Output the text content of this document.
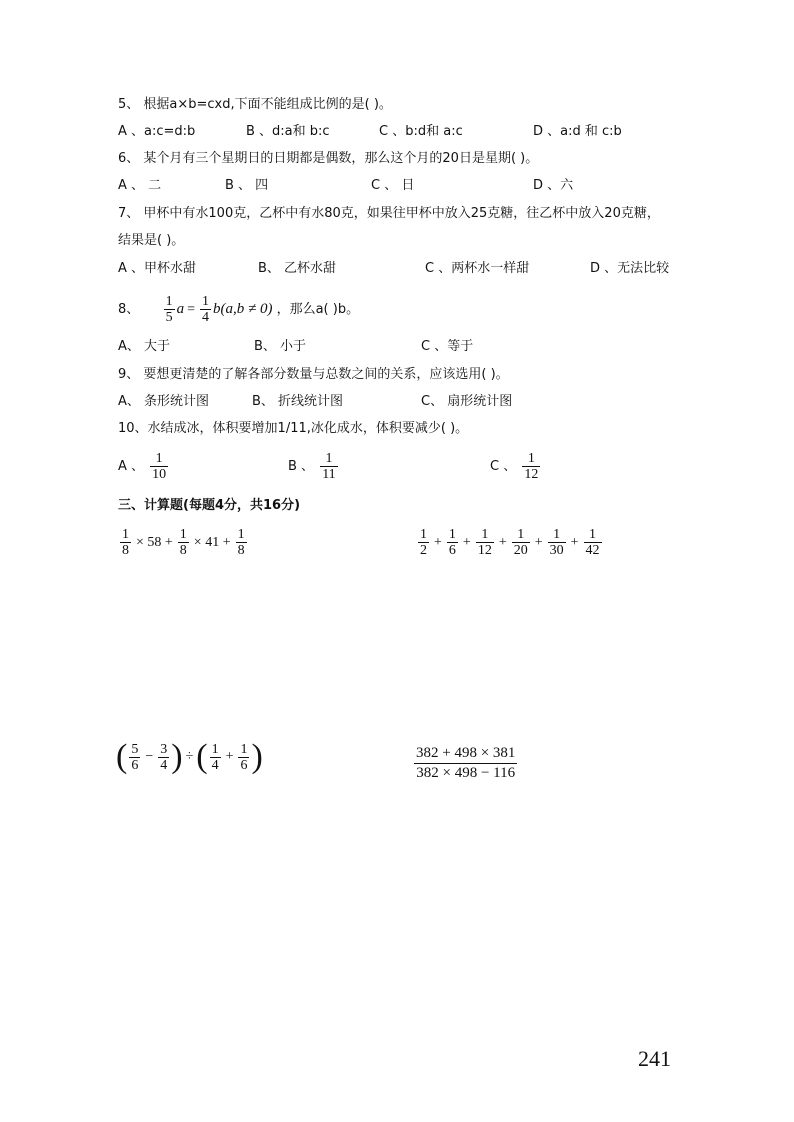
5、 根据a×b=cxd,下面不能组成比例的是( )。
A 、a:c=d:b	B 、d:a和 b:c	C 、b:d和 a:c	D 、a:d 和 c:b
6、 某个月有三个星期日的日期都是偶数，那么这个月的20日是星期( )。
A 、 二	B 、 四	C 、 日	D 、六
7、 甲杯中有水100克，乙杯中有水80克，如果往甲杯中放入25克糖，往乙杯中放入20克糖，
结果是( )。
A 、甲杯水甜	B、 乙杯水甜	C 、两杯水一样甜	D 、无法比较
8、 $\frac{1}{5}$ $a = \frac{1}{4} b(a,b \ne 0)$ ，那么a( )b。
A、 大于	B、 小于	C 、等于
9、 要想更清楚的了解各部分数量与总数之间的关系，应该选用( )。
A、 条形统计图	B、 折线统计图	C、 扇形统计图
10、水结成冰，体积要增加1/11,冰化成水，体积要减少( )。
A 、 $\frac{1}{10}$	B 、 $\frac{1}{11}$	C 、 $\frac{1}{12}$
三、计算题(每题4分，共16分)
$\frac{1}{8} \times 58 + \frac{1}{8} \times 41 + \frac{1}{8}$	$\frac{1}{2} + \frac{1}{6} + \frac{1}{12} + \frac{1}{20} + \frac{1}{30} + \frac{1}{42}$
( $\frac{5}{6} - \frac{3}{4}$ ) ÷( $\frac{1}{4} + \frac{1}{6}$ )	$\frac{382 + 498 \times 381}{382 \times 498 - 116}$
241
